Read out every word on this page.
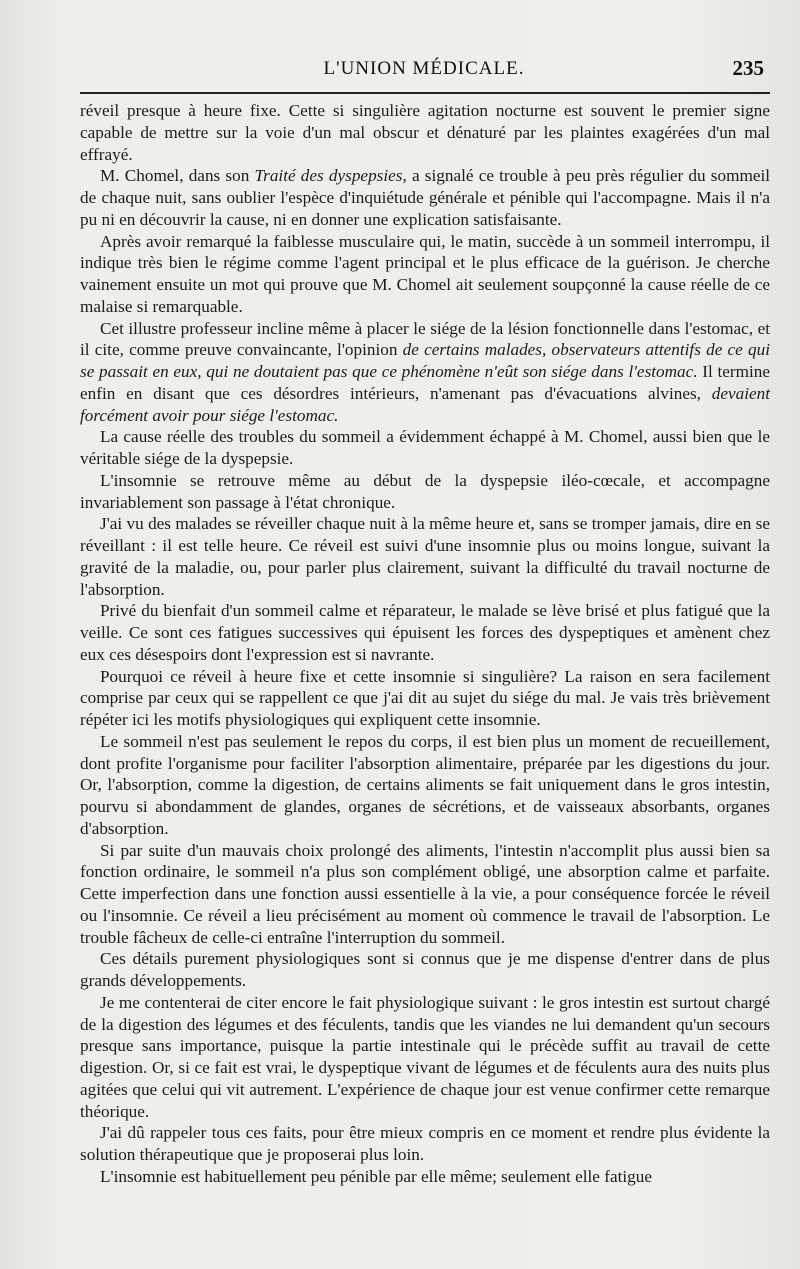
L'UNION MÉDICALE.	235

réveil presque à heure fixe. Cette si singulière agitation nocturne est souvent le premier signe capable de mettre sur la voie d'un mal obscur et dénaturé par les plaintes exagérées d'un mal effrayé.

M. Chomel, dans son Traité des dyspepsies, a signalé ce trouble à peu près régulier du sommeil de chaque nuit, sans oublier l'espèce d'inquiétude générale et pénible qui l'accompagne. Mais il n'a pu ni en découvrir la cause, ni en donner une explication satisfaisante.

Après avoir remarqué la faiblesse musculaire qui, le matin, succède à un sommeil interrompu, il indique très bien le régime comme l'agent principal et le plus efficace de la guérison. Je cherche vainement ensuite un mot qui prouve que M. Chomel ait seulement soupçonné la cause réelle de ce malaise si remarquable.

Cet illustre professeur incline même à placer le siége de la lésion fonctionnelle dans l'estomac, et il cite, comme preuve convaincante, l'opinion de certains malades, observateurs attentifs de ce qui se passait en eux, qui ne doutaient pas que ce phénomène n'eût son siége dans l'estomac. Il termine enfin en disant que ces désordres intérieurs, n'amenant pas d'évacuations alvines, devaient forcément avoir pour siége l'estomac.

La cause réelle des troubles du sommeil a évidemment échappé à M. Chomel, aussi bien que le véritable siége de la dyspepsie.

L'insomnie se retrouve même au début de la dyspepsie iléo-cœcale, et accompagne invariablement son passage à l'état chronique.

J'ai vu des malades se réveiller chaque nuit à la même heure et, sans se tromper jamais, dire en se réveillant : il est telle heure. Ce réveil est suivi d'une insomnie plus ou moins longue, suivant la gravité de la maladie, ou, pour parler plus clairement, suivant la difficulté du travail nocturne de l'absorption.

Privé du bienfait d'un sommeil calme et réparateur, le malade se lève brisé et plus fatigué que la veille. Ce sont ces fatigues successives qui épuisent les forces des dyspeptiques et amènent chez eux ces désespoirs dont l'expression est si navrante.

Pourquoi ce réveil à heure fixe et cette insomnie si singulière? La raison en sera facilement comprise par ceux qui se rappellent ce que j'ai dit au sujet du siége du mal. Je vais très brièvement répéter ici les motifs physiologiques qui expliquent cette insomnie.

Le sommeil n'est pas seulement le repos du corps, il est bien plus un moment de recueillement, dont profite l'organisme pour faciliter l'absorption alimentaire, préparée par les digestions du jour. Or, l'absorption, comme la digestion, de certains aliments se fait uniquement dans le gros intestin, pourvu si abondamment de glandes, organes de sécrétions, et de vaisseaux absorbants, organes d'absorption.

Si par suite d'un mauvais choix prolongé des aliments, l'intestin n'accomplit plus aussi bien sa fonction ordinaire, le sommeil n'a plus son complément obligé, une absorption calme et parfaite. Cette imperfection dans une fonction aussi essentielle à la vie, a pour conséquence forcée le réveil ou l'insomnie. Ce réveil a lieu précisément au moment où commence le travail de l'absorption. Le trouble fâcheux de celle-ci entraîne l'interruption du sommeil.

Ces détails purement physiologiques sont si connus que je me dispense d'entrer dans de plus grands développements.

Je me contenterai de citer encore le fait physiologique suivant : le gros intestin est surtout chargé de la digestion des légumes et des féculents, tandis que les viandes ne lui demandent qu'un secours presque sans importance, puisque la partie intestinale qui le précède suffit au travail de cette digestion. Or, si ce fait est vrai, le dyspeptique vivant de légumes et de féculents aura des nuits plus agitées que celui qui vit autrement. L'expérience de chaque jour est venue confirmer cette remarque théorique.

J'ai dû rappeler tous ces faits, pour être mieux compris en ce moment et rendre plus évidente la solution thérapeutique que je proposerai plus loin.

L'insomnie est habituellement peu pénible par elle même; seulement elle fatigue
